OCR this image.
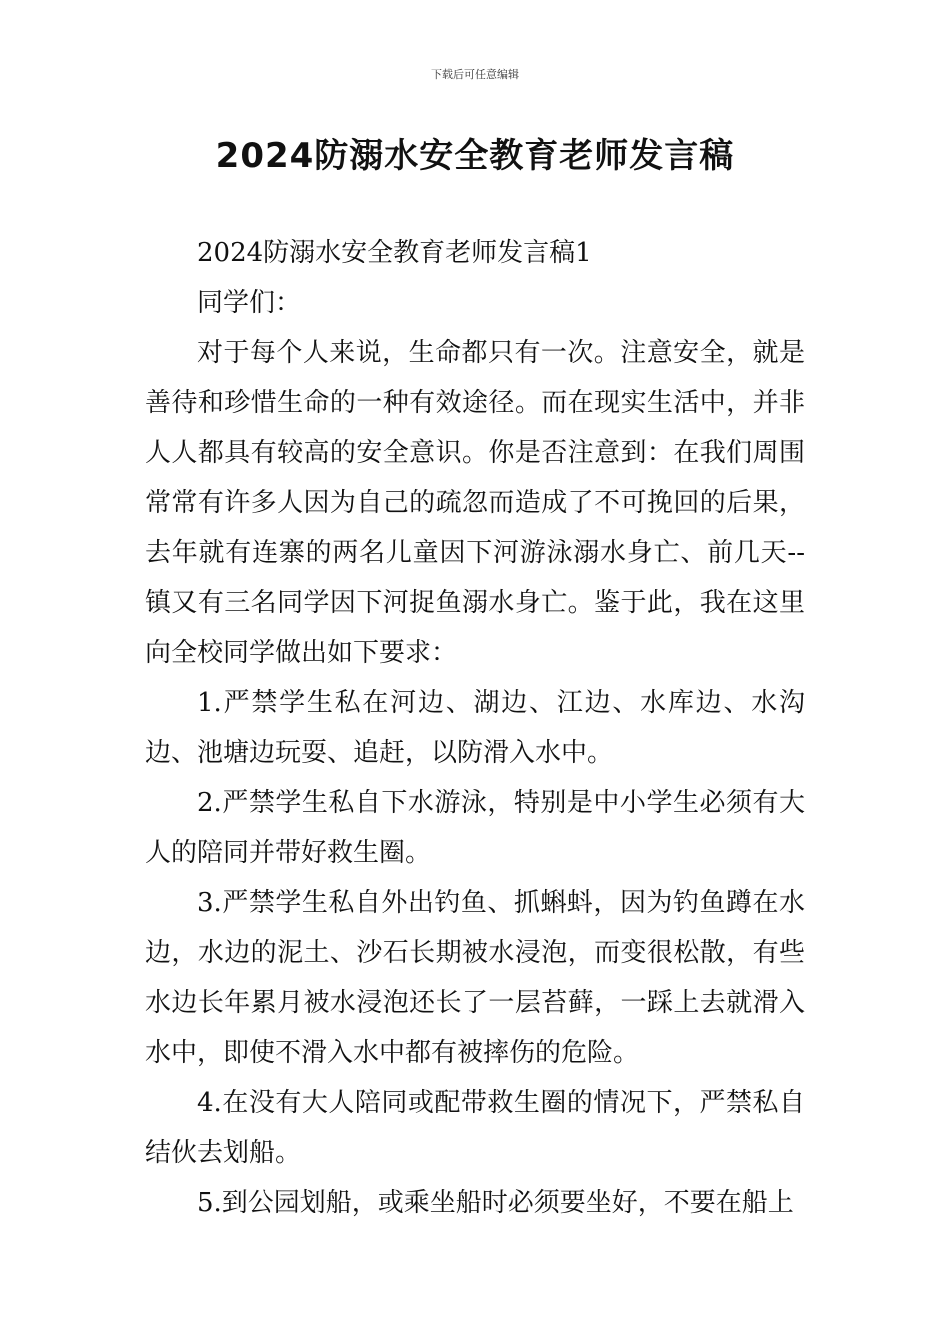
下载后可任意编辑
2024防溺水安全教育老师发言稿

2024防溺水安全教育老师发言稿1

同学们：

对于每个人来说，生命都只有一次。注意安全，就是善待和珍惜生命的一种有效途径。而在现实生活中，并非人人都具有较高的安全意识。你是否注意到：在我们周围常常有许多人因为自己的疏忽而造成了不可挽回的后果，去年就有连寨的两名儿童因下河游泳溺水身亡、前几天--镇又有三名同学因下河捉鱼溺水身亡。鉴于此，我在这里向全校同学做出如下要求：

1.严禁学生私在河边、湖边、江边、水库边、水沟边、池塘边玩耍、追赶，以防滑入水中。

2.严禁学生私自下水游泳，特别是中小学生必须有大人的陪同并带好救生圈。

3.严禁学生私自外出钓鱼、抓蝌蚪，因为钓鱼蹲在水边，水边的泥土、沙石长期被水浸泡，而变很松散，有些水边长年累月被水浸泡还长了一层苔藓，一踩上去就滑入水中，即使不滑入水中都有被摔伤的危险。

4.在没有大人陪同或配带救生圈的情况下，严禁私自结伙去划船。

5.到公园划船，或乘坐船时必须要坐好，不要在船上
